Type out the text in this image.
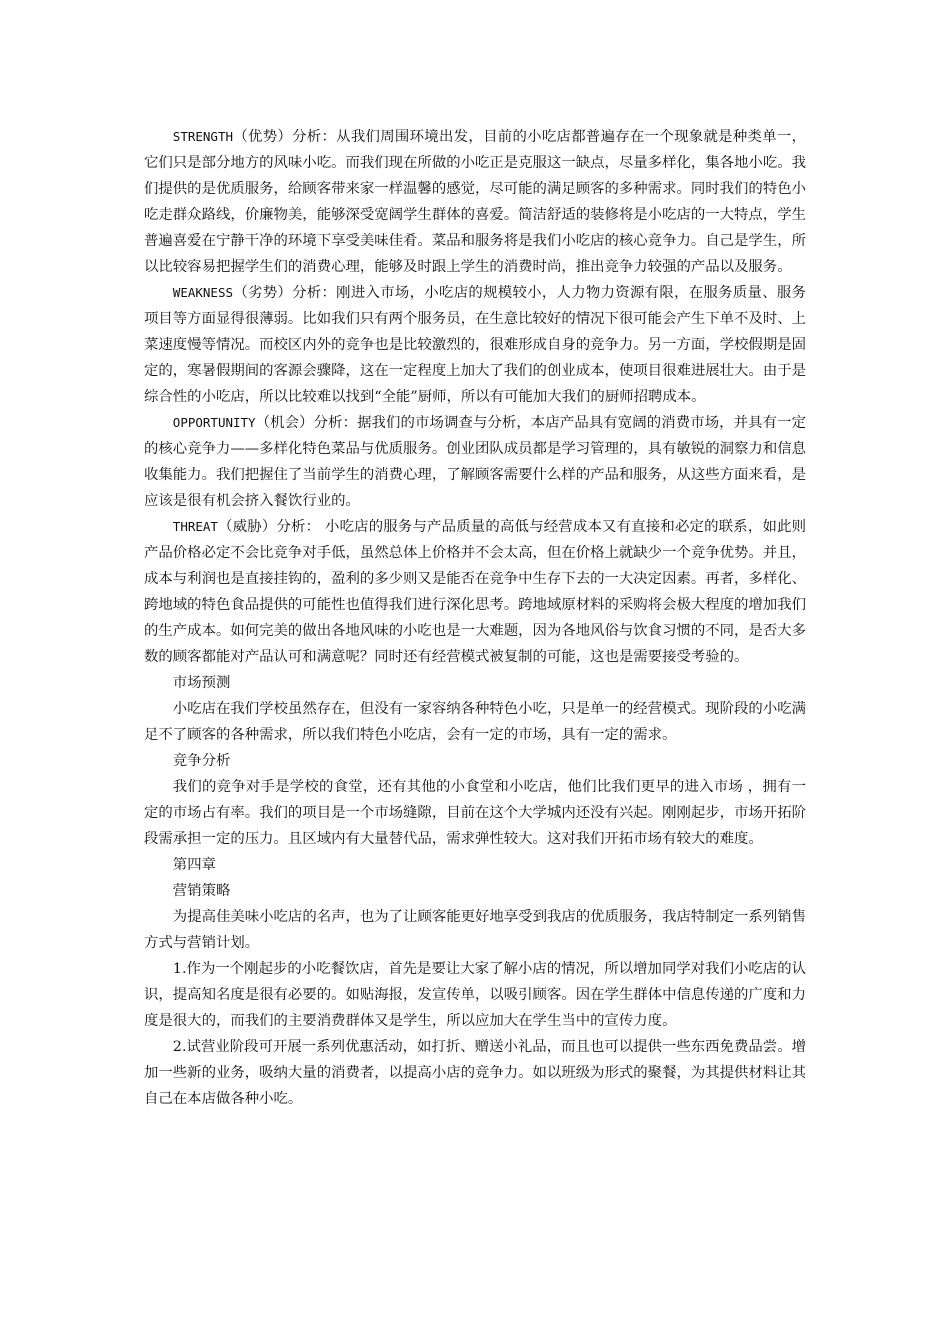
STRENGTH（优势）分析：从我们周围环境出发，目前的小吃店都普遍存在一个现象就是种类单一，它们只是部分地方的风味小吃。而我们现在所做的小吃正是克服这一缺点，尽量多样化，集各地小吃。我们提供的是优质服务，给顾客带来家一样温馨的感觉，尽可能的满足顾客的多种需求。同时我们的特色小吃走群众路线，价廉物美，能够深受宽阔学生群体的喜爱。简洁舒适的装修将是小吃店的一大特点，学生普遍喜爱在宁静干净的环境下享受美味佳肴。菜品和服务将是我们小吃店的核心竞争力。自己是学生，所以比较容易把握学生们的消费心理，能够及时跟上学生的消费时尚，推出竞争力较强的产品以及服务。

WEAKNESS（劣势）分析：刚进入市场，小吃店的规模较小，人力物力资源有限，在服务质量、服务项目等方面显得很薄弱。比如我们只有两个服务员，在生意比较好的情况下很可能会产生下单不及时、上菜速度慢等情况。而校区内外的竞争也是比较激烈的，很难形成自身的竞争力。另一方面，学校假期是固定的，寒暑假期间的客源会骤降，这在一定程度上加大了我们的创业成本，使项目很难进展壮大。由于是综合性的小吃店，所以比较难以找到“全能”厨师，所以有可能加大我们的厨师招聘成本。

OPPORTUNITY（机会）分析：据我们的市场调查与分析，本店产品具有宽阔的消费市场，并具有一定的核心竞争力——多样化特色菜品与优质服务。创业团队成员都是学习管理的，具有敏锐的洞察力和信息收集能力。我们把握住了当前学生的消费心理，了解顾客需要什么样的产品和服务，从这些方面来看，是应该是很有机会挤入餐饮行业的。

THREAT（威胁）分析： 小吃店的服务与产品质量的高低与经营成本又有直接和必定的联系，如此则产品价格必定不会比竞争对手低，虽然总体上价格并不会太高，但在价格上就缺少一个竞争优势。并且，成本与利润也是直接挂钩的，盈利的多少则又是能否在竞争中生存下去的一大决定因素。再者，多样化、跨地域的特色食品提供的可能性也值得我们进行深化思考。跨地域原材料的采购将会极大程度的增加我们的生产成本。如何完美的做出各地风味的小吃也是一大难题，因为各地风俗与饮食习惯的不同，是否大多数的顾客都能对产品认可和满意呢？同时还有经营模式被复制的可能，这也是需要接受考验的。

市场预测

小吃店在我们学校虽然存在，但没有一家容纳各种特色小吃，只是单一的经营模式。现阶段的小吃满足不了顾客的各种需求，所以我们特色小吃店，会有一定的市场，具有一定的需求。

竞争分析

我们的竞争对手是学校的食堂，还有其他的小食堂和小吃店，他们比我们更早的进入市场 ，拥有一定的市场占有率。我们的项目是一个市场缝隙，目前在这个大学城内还没有兴起。刚刚起步，市场开拓阶段需承担一定的压力。且区域内有大量替代品，需求弹性较大。这对我们开拓市场有较大的难度。

第四章

营销策略

为提高佳美味小吃店的名声，也为了让顾客能更好地享受到我店的优质服务，我店特制定一系列销售方式与营销计划。

1.作为一个刚起步的小吃餐饮店，首先是要让大家了解小店的情况，所以增加同学对我们小吃店的认识，提高知名度是很有必要的。如贴海报，发宣传单，以吸引顾客。因在学生群体中信息传递的广度和力度是很大的，而我们的主要消费群体又是学生，所以应加大在学生当中的宣传力度。

2.试营业阶段可开展一系列优惠活动，如打折、赠送小礼品，而且也可以提供一些东西免费品尝。增加一些新的业务，吸纳大量的消费者，以提高小店的竞争力。如以班级为形式的聚餐，为其提供材料让其自己在本店做各种小吃。
